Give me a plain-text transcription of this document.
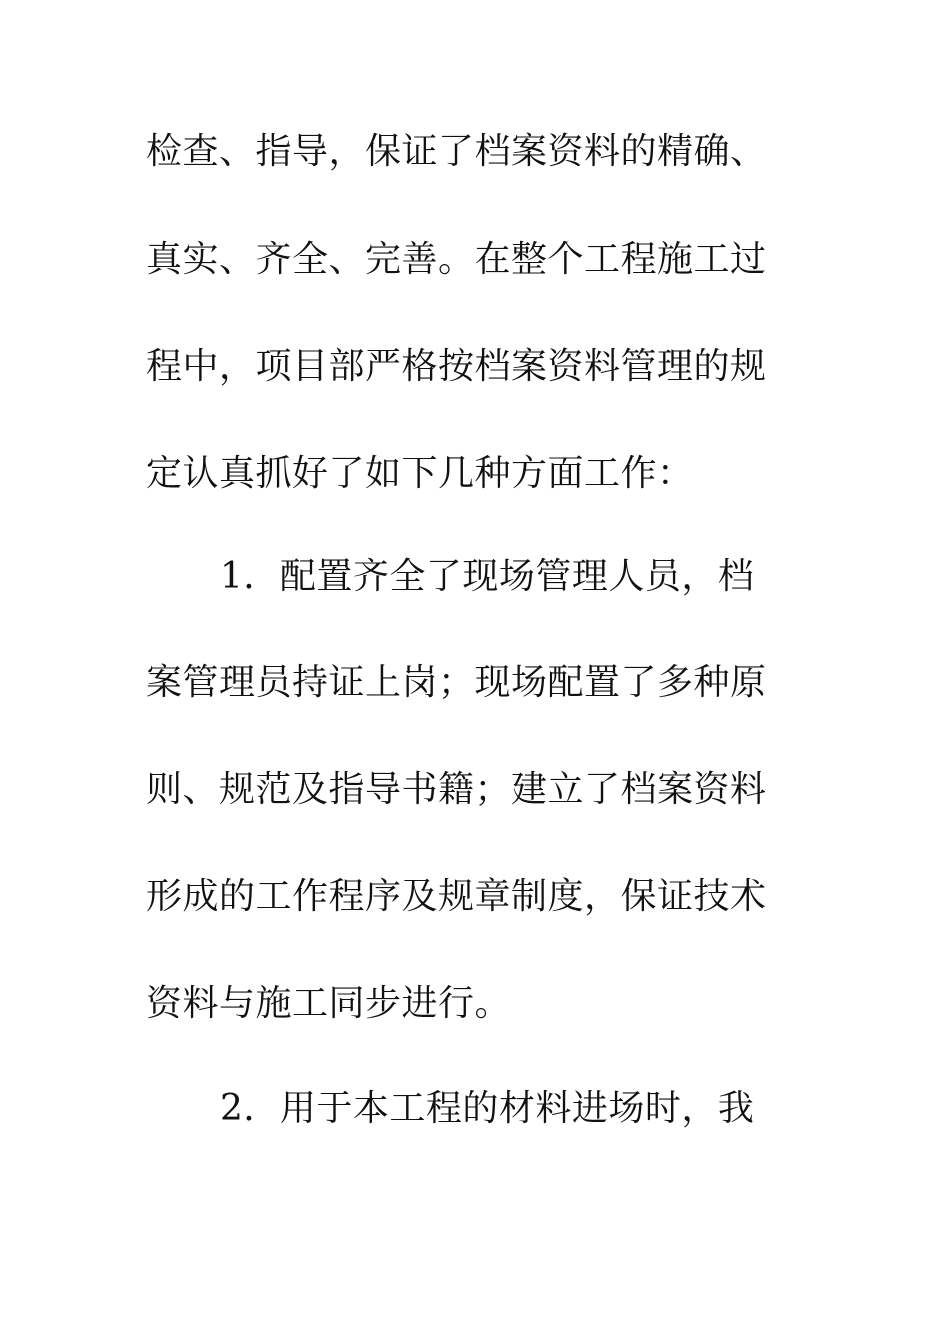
检查、指导，保证了档案资料的精确、
真实、齐全、完善。在整个工程施工过
程中，项目部严格按档案资料管理的规
定认真抓好了如下几种方面工作：
1．配置齐全了现场管理人员，档
案管理员持证上岗；现场配置了多种原
则、规范及指导书籍；建立了档案资料
形成的工作程序及规章制度，保证技术
资料与施工同步进行。
2．用于本工程的材料进场时，我
